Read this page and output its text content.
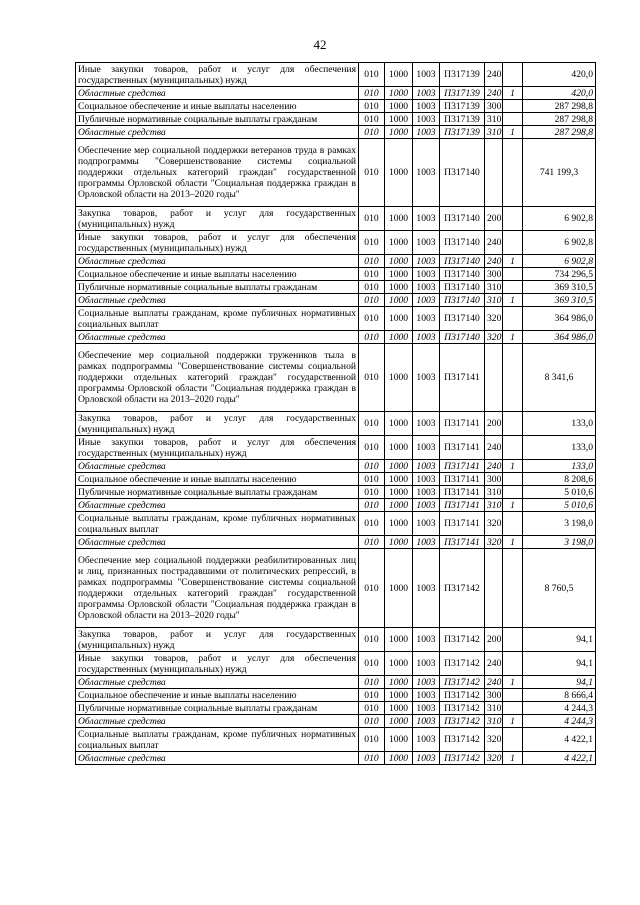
42
Иные закупки товаров, работ и услуг для обеспечения государственных (муниципальных) нужд	010	1000	1003	П317139	240		420,0
Областные средства	010	1000	1003	П317139	240	1	420,0
Социальное обеспечение и иные выплаты населению	010	1000	1003	П317139	300		287 298,8
Публичные нормативные социальные выплаты гражданам	010	1000	1003	П317139	310		287 298,8
Областные средства	010	1000	1003	П317139	310	1	287 298,8
Обеспечение мер социальной поддержки ветеранов труда в рамках подпрограммы "Совершенствование системы социальной поддержки отдельных категорий граждан" государственной программы Орловской области "Социальная поддержка граждан в Орловской области на 2013–2020 годы"	010	1000	1003	П317140			741 199,3
Закупка товаров, работ и услуг для государственных (муниципальных) нужд	010	1000	1003	П317140	200		6 902,8
Иные закупки товаров, работ и услуг для обеспечения государственных (муниципальных) нужд	010	1000	1003	П317140	240		6 902,8
Областные средства	010	1000	1003	П317140	240	1	6 902,8
Социальное обеспечение и иные выплаты населению	010	1000	1003	П317140	300		734 296,5
Публичные нормативные социальные выплаты гражданам	010	1000	1003	П317140	310		369 310,5
Областные средства	010	1000	1003	П317140	310	1	369 310,5
Социальные выплаты гражданам, кроме публичных нормативных социальных выплат	010	1000	1003	П317140	320		364 986,0
Областные средства	010	1000	1003	П317140	320	1	364 986,0
Обеспечение мер социальной поддержки тружеников тыла в рамках подпрограммы "Совершенствование системы социальной поддержки отдельных категорий граждан" государственной программы Орловской области "Социальная поддержка граждан в Орловской области на 2013–2020 годы"	010	1000	1003	П317141			8 341,6
Закупка товаров, работ и услуг для государственных (муниципальных) нужд	010	1000	1003	П317141	200		133,0
Иные закупки товаров, работ и услуг для обеспечения государственных (муниципальных) нужд	010	1000	1003	П317141	240		133,0
Областные средства	010	1000	1003	П317141	240	1	133,0
Социальное обеспечение и иные выплаты населению	010	1000	1003	П317141	300		8 208,6
Публичные нормативные социальные выплаты гражданам	010	1000	1003	П317141	310		5 010,6
Областные средства	010	1000	1003	П317141	310	1	5 010,6
Социальные выплаты гражданам, кроме публичных нормативных социальных выплат	010	1000	1003	П317141	320		3 198,0
Областные средства	010	1000	1003	П317141	320	1	3 198,0
Обеспечение мер социальной поддержки реабилитированных лиц и лиц, признанных пострадавшими от политических репрессий, в рамках подпрограммы "Совершенствование системы социальной поддержки отдельных категорий граждан" государственной программы Орловской области "Социальная поддержка граждан в Орловской области на 2013–2020 годы"	010	1000	1003	П317142			8 760,5
Закупка товаров, работ и услуг для государственных (муниципальных) нужд	010	1000	1003	П317142	200		94,1
Иные закупки товаров, работ и услуг для обеспечения государственных (муниципальных) нужд	010	1000	1003	П317142	240		94,1
Областные средства	010	1000	1003	П317142	240	1	94,1
Социальное обеспечение и иные выплаты населению	010	1000	1003	П317142	300		8 666,4
Публичные нормативные социальные выплаты гражданам	010	1000	1003	П317142	310		4 244,3
Областные средства	010	1000	1003	П317142	310	1	4 244,3
Социальные выплаты гражданам, кроме публичных нормативных социальных выплат	010	1000	1003	П317142	320		4 422,1
Областные средства	010	1000	1003	П317142	320	1	4 422,1
